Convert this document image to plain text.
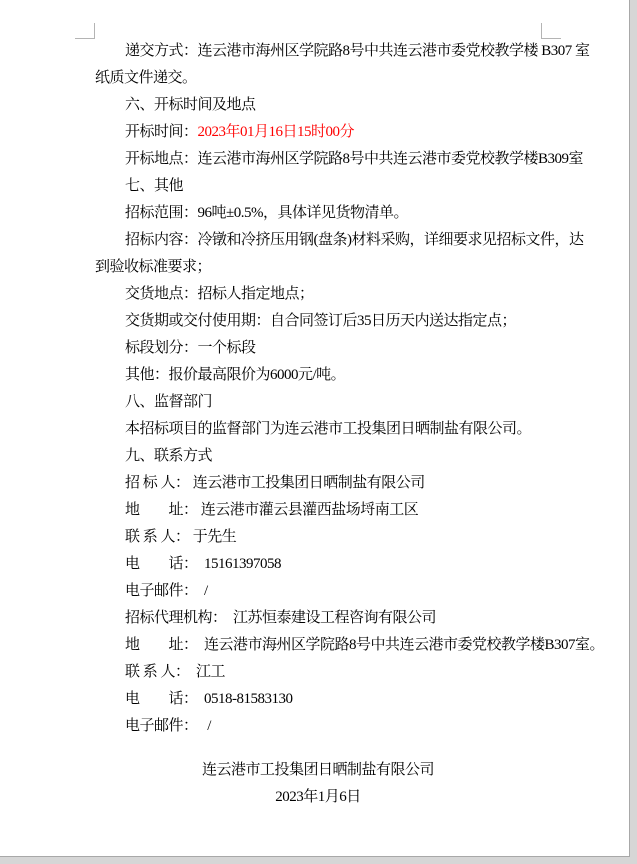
递交方式：连云港市海州区学院路8号中共连云港市委党校教学楼 B307 室
纸质文件递交。
六、开标时间及地点
开标时间：2023年01月16日15时00分
开标地点：连云港市海州区学院路8号中共连云港市委党校教学楼B309室
七、其他
招标范围：96吨±0.5%，具体详见货物清单。
招标内容：冷镦和冷挤压用钢(盘条)材料采购，详细要求见招标文件，达
到验收标准要求；
交货地点：招标人指定地点；
交货期或交付使用期：自合同签订后35日历天内送达指定点；
标段划分：一个标段
其他：报价最高限价为6000元/吨。
八、监督部门
本招标项目的监督部门为连云港市工投集团日晒制盐有限公司。
九、联系方式
招 标 人： 连云港市工投集团日晒制盐有限公司
地　　址： 连云港市灌云县灌西盐场埒南工区
联 系 人： 于先生
电　　话：  15161397058
电子邮件：  /
招标代理机构：  江苏恒泰建设工程咨询有限公司
地　　址：  连云港市海州区学院路8号中共连云港市委党校教学楼B307室。
联 系 人：  江工
电　　话：  0518-81583130
电子邮件：   /
连云港市工投集团日晒制盐有限公司
2023年1月6日
